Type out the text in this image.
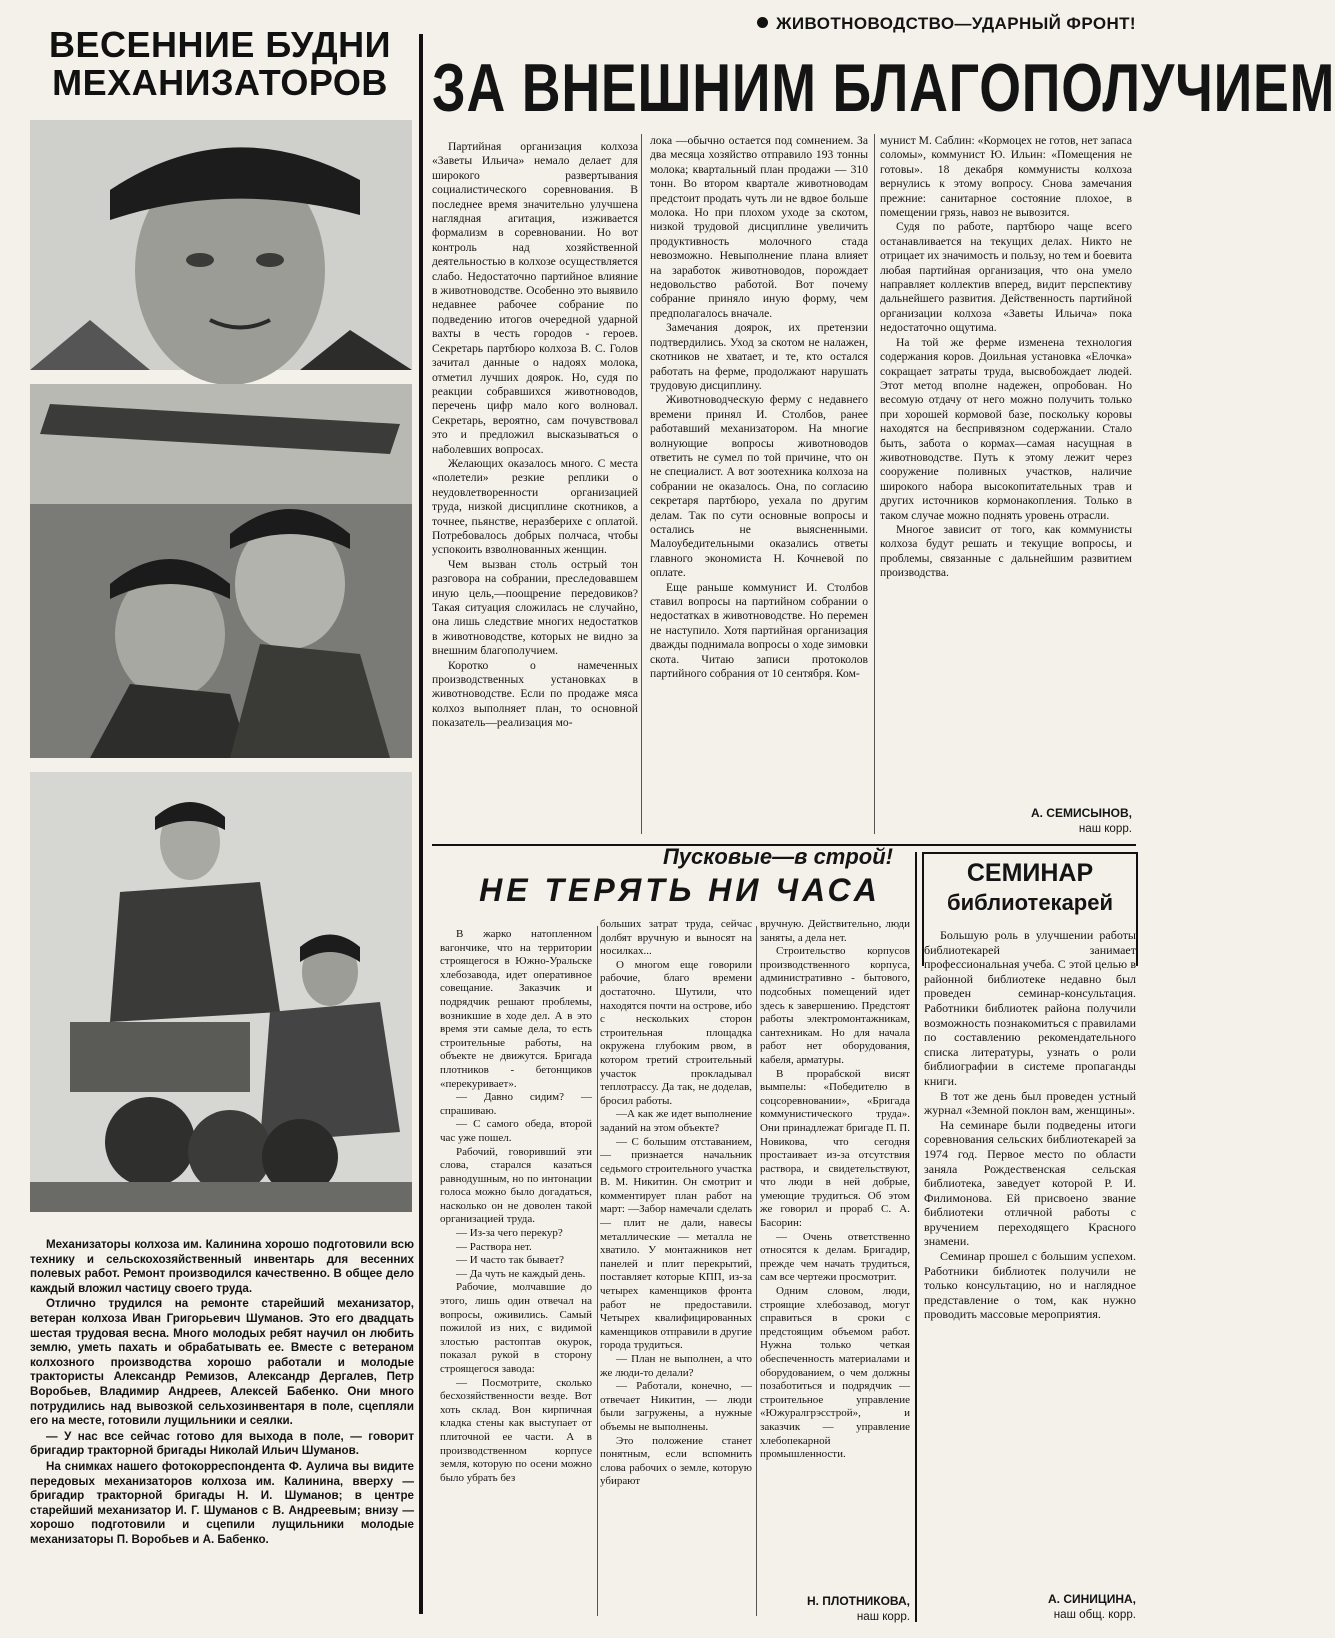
ВЕСЕННИЕ БУДНИ МЕХАНИЗАТОРОВ

Механизаторы колхоза им. Калинина хорошо подготовили всю технику и сельскохозяйственный инвентарь для весенних полевых работ. Ремонт производился качественно. В общее дело каждый вложил частицу своего труда.

Отлично трудился на ремонте старейший механизатор, ветеран колхоза Иван Григорьевич Шуманов. Это его двадцать шестая трудовая весна. Много молодых ребят научил он любить землю, уметь пахать и обрабатывать ее. Вместе с ветераном колхозного производства хорошо работали и молодые трактористы Александр Ремизов, Александр Дергалев, Петр Воробьев, Владимир Андреев, Алексей Бабенко. Они много потрудились над вывозкой сельхозинвентаря в поле, сцепляли его на месте, готовили лущильники и сеялки.

— У нас все сейчас готово для выхода в поле, — говорит бригадир тракторной бригады Николай Ильич Шуманов.

На снимках нашего фотокорреспондента Ф. Аулича вы видите передовых механизаторов колхоза им. Калинина, вверху — бригадир тракторной бригады Н. И. Шуманов; в центре старейший механизатор И. Г. Шуманов с В. Андреевым; внизу — хорошо подготовили и сцепили лущильники молодые механизаторы П. Воробьев и А. Бабенко.

ЖИВОТНОВОДСТВО—УДАРНЫЙ ФРОНТ!
ЗА ВНЕШНИМ БЛАГОПОЛУЧИЕМ

Партийная организация колхоза «Заветы Ильича» немало делает для широкого развертывания социалистического соревнования. В последнее время значительно улучшена наглядная агитация, изживается формализм в соревновании. Но вот контроль над хозяйственной деятельностью в колхозе осуществляется слабо. Недостаточно партийное влияние в животноводстве. Особенно это выявило недавнее рабочее собрание по подведению итогов очередной ударной вахты в честь городов - героев. Секретарь партбюро колхоза В. С. Голов зачитал данные о надоях молока, отметил лучших доярок. Но, судя по реакции собравшихся животноводов, перечень цифр мало кого волновал. Секретарь, вероятно, сам почувствовал это и предложил высказываться о наболевших вопросах.

Желающих оказалось много. С места «полетели» резкие реплики о неудовлетворенности организацией труда, низкой дисциплине скотников, а точнее, пьянстве, неразберихе с оплатой. Потребовалось добрых полчаса, чтобы успокоить взволнованных женщин.

Чем вызван столь острый тон разговора на собрании, преследовавшем иную цель,—поощрение передовиков? Такая ситуация сложилась не случайно, она лишь следствие многих недостатков в животноводстве, которых не видно за внешним благополучием.

Коротко о намеченных производственных установках в животноводстве. Если по продаже мяса колхоз выполняет план, то основной показатель—реализация мо-

лока —обычно остается под сомнением. За два месяца хозяйство отправило 193 тонны молока; квартальный план продажи — 310 тонн. Во втором квартале животноводам предстоит продать чуть ли не вдвое больше молока. Но при плохом уходе за скотом, низкой трудовой дисциплине увеличить продуктивность молочного стада невозможно. Невыполнение плана влияет на заработок животноводов, порождает недовольство работой. Вот почему собрание приняло иную форму, чем предполагалось вначале.

Замечания доярок, их претензии подтвердились. Уход за скотом не налажен, скотников не хватает, и те, кто остался работать на ферме, продолжают нарушать трудовую дисциплину.

Животноводческую ферму с недавнего времени принял И. Столбов, ранее работавший механизатором. На многие волнующие вопросы животноводов ответить не сумел по той причине, что он не специалист. А вот зоотехника колхоза на собрании не оказалось. Она, по согласию секретаря партбюро, уехала по другим делам. Так по сути основные вопросы и остались не выясненными. Малоубедительными оказались ответы главного экономиста Н. Кочневой по оплате.

Еще раньше коммунист И. Столбов ставил вопросы на партийном собрании о недостатках в животноводстве. Но перемен не наступило. Хотя партийная организация дважды поднимала вопросы о ходе зимовки скота. Читаю записи протоколов партийного собрания от 10 сентября. Ком-

мунист М. Саблин: «Кормоцех не готов, нет запаса соломы», коммунист Ю. Ильин: «Помещения не готовы». 18 декабря коммунисты колхоза вернулись к этому вопросу. Снова замечания прежние: санитарное состояние плохое, в помещении грязь, навоз не вывозится.

Судя по работе, партбюро чаще всего останавливается на текущих делах. Никто не отрицает их значимость и пользу, но тем и боевита любая партийная организация, что она умело направляет коллектив вперед, видит перспективу дальнейшего развития. Действенность партийной организации колхоза «Заветы Ильича» пока недостаточно ощутима.

На той же ферме изменена технология содержания коров. Доильная установка «Елочка» сокращает затраты труда, высвобождает людей. Этот метод вполне надежен, опробован. Но весомую отдачу от него можно получить только при хорошей кормовой базе, поскольку коровы находятся на беспривязном содержании. Стало быть, забота о кормах—самая насущная в животноводстве. Путь к этому лежит через сооружение поливных участков, наличие широкого набора высокопитательных трав и других источников кормонакопления. Только в таком случае можно поднять уровень отрасли.

Многое зависит от того, как коммунисты колхоза будут решать и текущие вопросы, и проблемы, связанные с дальнейшим развитием производства.

А. СЕМИСЫНОВ,
наш корр.
Пусковые—в строй!
НЕ ТЕРЯТЬ НИ ЧАСА

В жарко натопленном вагончике, что на территории строящегося в Южно-Уральске хлебозавода, идет оперативное совещание. Заказчик и подрядчик решают проблемы, возникшие в ходе дел. А в это время эти самые дела, то есть строительные работы, на объекте не движутся. Бригада плотников - бетонщиков «перекуривает».

— Давно сидим? — спрашиваю.

— С самого обеда, второй час уже пошел.

Рабочий, говоривший эти слова, старался казаться равнодушным, но по интонации голоса можно было догадаться, насколько он не доволен такой организацией труда.

— Из-за чего перекур?

— Раствора нет.

— И часто так бывает?

— Да чуть не каждый день.

Рабочие, молчавшие до этого, лишь один отвечал на вопросы, оживились. Самый пожилой из них, с видимой злостью растоптав окурок, показал рукой в сторону строящегося завода:

— Посмотрите, сколько бесхозяйственности везде. Вот хоть склад. Вон кирпичная кладка стены как выступает от плиточной ее части. А в производственном корпусе земля, которую по осени можно было убрать без

больших затрат труда, сейчас долбят вручную и выносят на носилках...

О многом еще говорили рабочие, благо времени достаточно. Шутили, что находятся почти на острове, ибо с нескольких сторон строительная площадка окружена глубоким рвом, в котором третий строительный участок прокладывал теплотрассу. Да так, не доделав, бросил работы.

—А как же идет выполнение заданий на этом объекте?

— С большим отставанием, — признается начальник седьмого строительного участка В. М. Никитин. Он смотрит и комментирует план работ на март: —Забор намечали сделать — плит не дали, навесы металлические — металла не хватило. У монтажников нет панелей и плит перекрытий, поставляет которые КПП, из-за четырех каменщиков фронта работ не предоставили. Четырех квалифицированных каменщиков отправили в другие города трудиться.

— План не выполнен, а что же люди-то делали?

— Работали, конечно, —отвечает Никитин, — люди были загружены, а нужные объемы не выполнены.

Это положение станет понятным, если вспомнить слова рабочих о земле, которую убирают

вручную. Действительно, люди заняты, а дела нет.

Строительство корпусов производственного корпуса, административно - бытового, подсобных помещений идет здесь к завершению. Предстоят работы электромонтажникам, сантехникам. Но для начала работ нет оборудования, кабеля, арматуры.

В прорабской висят вымпелы: «Победителю в соцсоревновании», «Бригада коммунистического труда». Они принадлежат бригаде П. П. Новикова, что сегодня простаивает из-за отсутствия раствора, и свидетельствуют, что люди в ней добрые, умеющие трудиться. Об этом же говорил и прораб С. А. Басорин:

— Очень ответственно относятся к делам. Бригадир, прежде чем начать трудиться, сам все чертежи просмотрит.

Одним словом, люди, строящие хлебозавод, могут справиться в сроки с предстоящим объемом работ. Нужна только четкая обеспеченность материалами и оборудованием, о чем должны позаботиться и подрядчик — строительное управление «Южуралгрэсстрой», и заказчик — управление хлебопекарной промышленности.

Н. ПЛОТНИКОВА,
наш корр.
СЕМИНАР
библиотекарей

Большую роль в улучшении работы библиотекарей занимает профессиональная учеба. С этой целью в районной библиотеке недавно был проведен семинар-консультация. Работники библиотек района получили возможность познакомиться с правилами по составлению рекомендательного списка литературы, узнать о роли библиографии в системе пропаганды книги.

В тот же день был проведен устный журнал «Земной поклон вам, женщины».

На семинаре были подведены итоги соревнования сельских библиотекарей за 1974 год. Первое место по области заняла Рождественская сельская библиотека, заведует которой Р. И. Филимонова. Ей присвоено звание библиотеки отличной работы с вручением переходящего Красного знамени.

Семинар прошел с большим успехом. Работники библиотек получили не только консультацию, но и наглядное представление о том, как нужно проводить массовые мероприятия.

А. СИНИЦИНА,
наш общ. корр.
